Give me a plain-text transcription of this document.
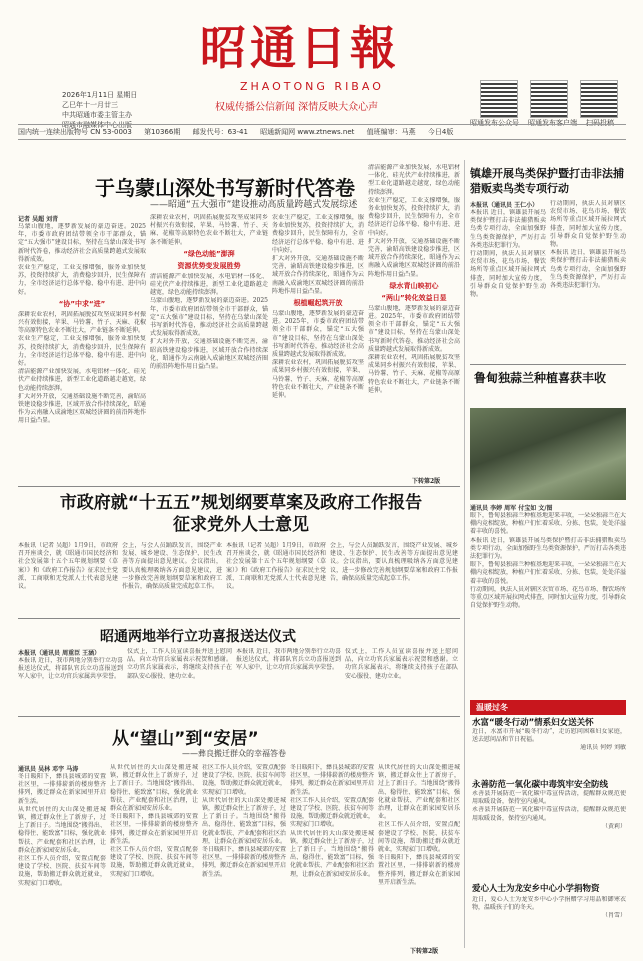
2026年1月11日 星期日
乙巳年十一月廿三
中共昭通市委主管主办
昭通市融媒体中心出版
昭通日報
ZHAOTONG RIBAO
权威传播公信新闻 深情反映大众心声
昭通发布公众号 昭通发布客户端 扫码投稿
国内统一连续出版物号 CN 53-0003 第10366期 邮发代号：63-41 昭通新闻网 www.ztnews.net 值班编审：马燕 今日4版
于乌蒙山深处书写新时代答卷
——昭通“五大强市”建设推动高质量跨越式发展综述
记者 吴超 刘青
乌蒙山腹地，逐梦新发展的豪迈奋进。2025年，市委市政府团结带领全市干部群众，锚定“五大强市”建设目标，坚持在乌蒙山深处书写新时代答卷，推动经济社会高质量跨越式发展取得新成效。
农业生产稳定，工业支撑增强，服务业加快复苏，投资持续扩大，消费稳步回升，民生保障有力，全市经济运行总体平稳、稳中有进、进中向好。
“协”中求“进”
深耕农业农村，巩固拓展脱贫攻坚成果同乡村振兴有效衔接，苹果、马铃薯、竹子、天麻、花椒等高原特色农业不断壮大，产业链条不断延伸。
农业生产稳定，工业支撑增强，服务业加快复苏，投资持续扩大，消费稳步回升，民生保障有力，全市经济运行总体平稳、稳中有进、进中向好。
清洁能源产业加快发展，水电铝材一体化、硅光伏产业持续推进，新型工业化道路越走越宽，绿色动能持续澎湃。
扩大对外开放，交通基础设施不断完善，渝昭高铁建设稳步推进，区域开放合作持续深化，昭通作为云南融入成渝地区双城经济圈的前沿阵地作用日益凸显。
深耕农业农村，巩固拓展脱贫攻坚成果同乡村振兴有效衔接，苹果、马铃薯、竹子、天麻、花椒等高原特色农业不断壮大，产业链条不断延伸。
“绿色动能”澎湃
资源优势变发展胜势
清洁能源产业加快发展，水电铝材一体化、硅光伏产业持续推进，新型工业化道路越走越宽，绿色动能持续澎湃。
乌蒙山腹地，逐梦新发展的豪迈奋进。2025年，市委市政府团结带领全市干部群众，锚定“五大强市”建设目标，坚持在乌蒙山深处书写新时代答卷，推动经济社会高质量跨越式发展取得新成效。
扩大对外开放，交通基础设施不断完善，渝昭高铁建设稳步推进，区域开放合作持续深化，昭通作为云南融入成渝地区双城经济圈的前沿阵地作用日益凸显。
农业生产稳定，工业支撑增强，服务业加快复苏，投资持续扩大，消费稳步回升，民生保障有力，全市经济运行总体平稳、稳中有进、进中向好。
扩大对外开放，交通基础设施不断完善，渝昭高铁建设稳步推进，区域开放合作持续深化，昭通作为云南融入成渝地区双城经济圈的前沿阵地作用日益凸显。
根植崛起筑开放
乌蒙山腹地，逐梦新发展的豪迈奋进。2025年，市委市政府团结带领全市干部群众，锚定“五大强市”建设目标，坚持在乌蒙山深处书写新时代答卷，推动经济社会高质量跨越式发展取得新成效。
深耕农业农村，巩固拓展脱贫攻坚成果同乡村振兴有效衔接，苹果、马铃薯、竹子、天麻、花椒等高原特色农业不断壮大，产业链条不断延伸。
清洁能源产业加快发展，水电铝材一体化、硅光伏产业持续推进，新型工业化道路越走越宽，绿色动能持续澎湃。
农业生产稳定，工业支撑增强，服务业加快复苏，投资持续扩大，消费稳步回升，民生保障有力，全市经济运行总体平稳、稳中有进、进中向好。
扩大对外开放，交通基础设施不断完善，渝昭高铁建设稳步推进，区域开放合作持续深化，昭通作为云南融入成渝地区双城经济圈的前沿阵地作用日益凸显。
绿水青山映初心
“两山”转化效益日显
乌蒙山腹地，逐梦新发展的豪迈奋进。2025年，市委市政府团结带领全市干部群众，锚定“五大强市”建设目标，坚持在乌蒙山深处书写新时代答卷，推动经济社会高质量跨越式发展取得新成效。
深耕农业农村，巩固拓展脱贫攻坚成果同乡村振兴有效衔接，苹果、马铃薯、竹子、天麻、花椒等高原特色农业不断壮大，产业链条不断延伸。
下转第2版
市政府就“十五五”规划纲要草案及政府工作报告
征求党外人士意见
本报讯（记者 吴超）1月9日，市政府召开座谈会，就《昭通市国民经济和社会发展第十五个五年规划纲要（草案）》和《政府工作报告》征求民主党派、工商联和无党派人士代表意见建议。
会上，与会人员踊跃发言，围绕产业发展、城乡建设、生态保护、民生改善等方面提出意见建议。会议指出，要认真梳理吸纳各方面意见建议，进一步修改完善规划纲要草案和政府工作报告，确保高质量完成起草工作。
本报讯（记者 吴超）1月9日，市政府召开座谈会，就《昭通市国民经济和社会发展第十五个五年规划纲要（草案）》和《政府工作报告》征求民主党派、工商联和无党派人士代表意见建议。
会上，与会人员踊跃发言，围绕产业发展、城乡建设、生态保护、民生改善等方面提出意见建议。会议指出，要认真梳理吸纳各方面意见建议，进一步修改完善规划纲要草案和政府工作报告，确保高质量完成起草工作。
昭通两地举行立功喜报送达仪式
本报讯（通讯员 周重臣 王涵）
本报讯 近日，我市两地分别举行立功喜报送达仪式，将部队官兵立功喜报送到军人家中，让立功官兵家属共享荣誉。
仪式上，工作人员宣读喜报并送上慰问品，向立功官兵家属表示祝贺和感谢。立功官兵家属表示，将继续支持孩子在部队安心服役、建功立业。
本报讯 近日，我市两地分别举行立功喜报送达仪式，将部队官兵立功喜报送到军人家中，让立功官兵家属共享荣誉。
仪式上，工作人员宣读喜报并送上慰问品，向立功官兵家属表示祝贺和感谢。立功官兵家属表示，将继续支持孩子在部队安心服役、建功立业。
从“望山”到“安居”
——彝良搬迁群众的幸福答卷
通讯员 吴林 邓宇 马涛
冬日暖阳下，彝良县城郊的安置社区里，一排排崭新的楼房整齐排列，搬迁群众在新家园里开启新生活。
从世代居住的大山深处搬进城镇，搬迁群众住上了新房子，过上了新日子。当地围绕“搬得出、稳得住、能致富”目标，强化就业帮扶、产业配套和社区治理，让群众在新家园安居乐业。
社区工作人员介绍，安置点配套建设了学校、医院、扶贫车间等设施，帮助搬迁群众就近就业，实现家门口增收。
从世代居住的大山深处搬进城镇，搬迁群众住上了新房子，过上了新日子。当地围绕“搬得出、稳得住、能致富”目标，强化就业帮扶、产业配套和社区治理，让群众在新家园安居乐业。
冬日暖阳下，彝良县城郊的安置社区里，一排排崭新的楼房整齐排列，搬迁群众在新家园里开启新生活。
社区工作人员介绍，安置点配套建设了学校、医院、扶贫车间等设施，帮助搬迁群众就近就业，实现家门口增收。
社区工作人员介绍，安置点配套建设了学校、医院、扶贫车间等设施，帮助搬迁群众就近就业，实现家门口增收。
从世代居住的大山深处搬进城镇，搬迁群众住上了新房子，过上了新日子。当地围绕“搬得出、稳得住、能致富”目标，强化就业帮扶、产业配套和社区治理，让群众在新家园安居乐业。
冬日暖阳下，彝良县城郊的安置社区里，一排排崭新的楼房整齐排列，搬迁群众在新家园里开启新生活。
冬日暖阳下，彝良县城郊的安置社区里，一排排崭新的楼房整齐排列，搬迁群众在新家园里开启新生活。
社区工作人员介绍，安置点配套建设了学校、医院、扶贫车间等设施，帮助搬迁群众就近就业，实现家门口增收。
从世代居住的大山深处搬进城镇，搬迁群众住上了新房子，过上了新日子。当地围绕“搬得出、稳得住、能致富”目标，强化就业帮扶、产业配套和社区治理，让群众在新家园安居乐业。
从世代居住的大山深处搬进城镇，搬迁群众住上了新房子，过上了新日子。当地围绕“搬得出、稳得住、能致富”目标，强化就业帮扶、产业配套和社区治理，让群众在新家园安居乐业。
社区工作人员介绍，安置点配套建设了学校、医院、扶贫车间等设施，帮助搬迁群众就近就业，实现家门口增收。
冬日暖阳下，彝良县城郊的安置社区里，一排排崭新的楼房整齐排列，搬迁群众在新家园里开启新生活。
下转第2版
镇雄开展鸟类保护暨打击非法捕猎贩卖鸟类专项行动
本报讯（通讯员 王仁小）
本报讯 近日，镇雄县开展鸟类保护暨打击非法捕猎贩卖鸟类专项行动，全面加强野生鸟类资源保护，严厉打击各类违法犯罪行为。
行动期间，执法人员对辖区农贸市场、花鸟市场、餐饮场所等重点区域开展拉网式排查，同时加大宣传力度，引导群众自觉保护野生动物。
行动期间，执法人员对辖区农贸市场、花鸟市场、餐饮场所等重点区域开展拉网式排查，同时加大宣传力度，引导群众自觉保护野生动物。
本报讯 近日，镇雄县开展鸟类保护暨打击非法捕猎贩卖鸟类专项行动，全面加强野生鸟类资源保护，严厉打击各类违法犯罪行为。
鲁甸独蒜兰种植喜获丰收
通讯员 李婷 周军 付宝如 文/图
眼下，鲁甸县独蒜兰种植基地迎来丰收，一朵朵独蒜兰在大棚内竞相绽放，种植户们忙着采收、分拣、包装，处处洋溢着丰收的喜悦。
本报讯 近日，镇雄县开展鸟类保护暨打击非法捕猎贩卖鸟类专项行动，全面加强野生鸟类资源保护，严厉打击各类违法犯罪行为。
眼下，鲁甸县独蒜兰种植基地迎来丰收，一朵朵独蒜兰在大棚内竞相绽放，种植户们忙着采收、分拣、包装，处处洋溢着丰收的喜悦。
行动期间，执法人员对辖区农贸市场、花鸟市场、餐饮场所等重点区域开展拉网式排查，同时加大宣传力度，引导群众自觉保护野生动物。
温暖过冬
水富“暖冬行动”情系妇女送关怀
近日，水富市开展“暖冬行动”，走访慰问困难妇女家庭，送去慰问品和节日祝福。
通讯员 何婷 刘敏
永善防范一氧化碳中毒筑牢安全防线
永善县开展防范一氧化碳中毒宣传活动，提醒群众规范使用取暖设备，保持室内通风。
永善县开展防范一氧化碳中毒宣传活动，提醒群众规范使用取暖设备，保持室内通风。
（黄莉）
爱心人士为龙安乡中心小学捐物资
近日，爱心人士为龙安乡中心小学捐赠学习用品和御寒衣物，温暖孩子们的冬天。
（肖雪）
